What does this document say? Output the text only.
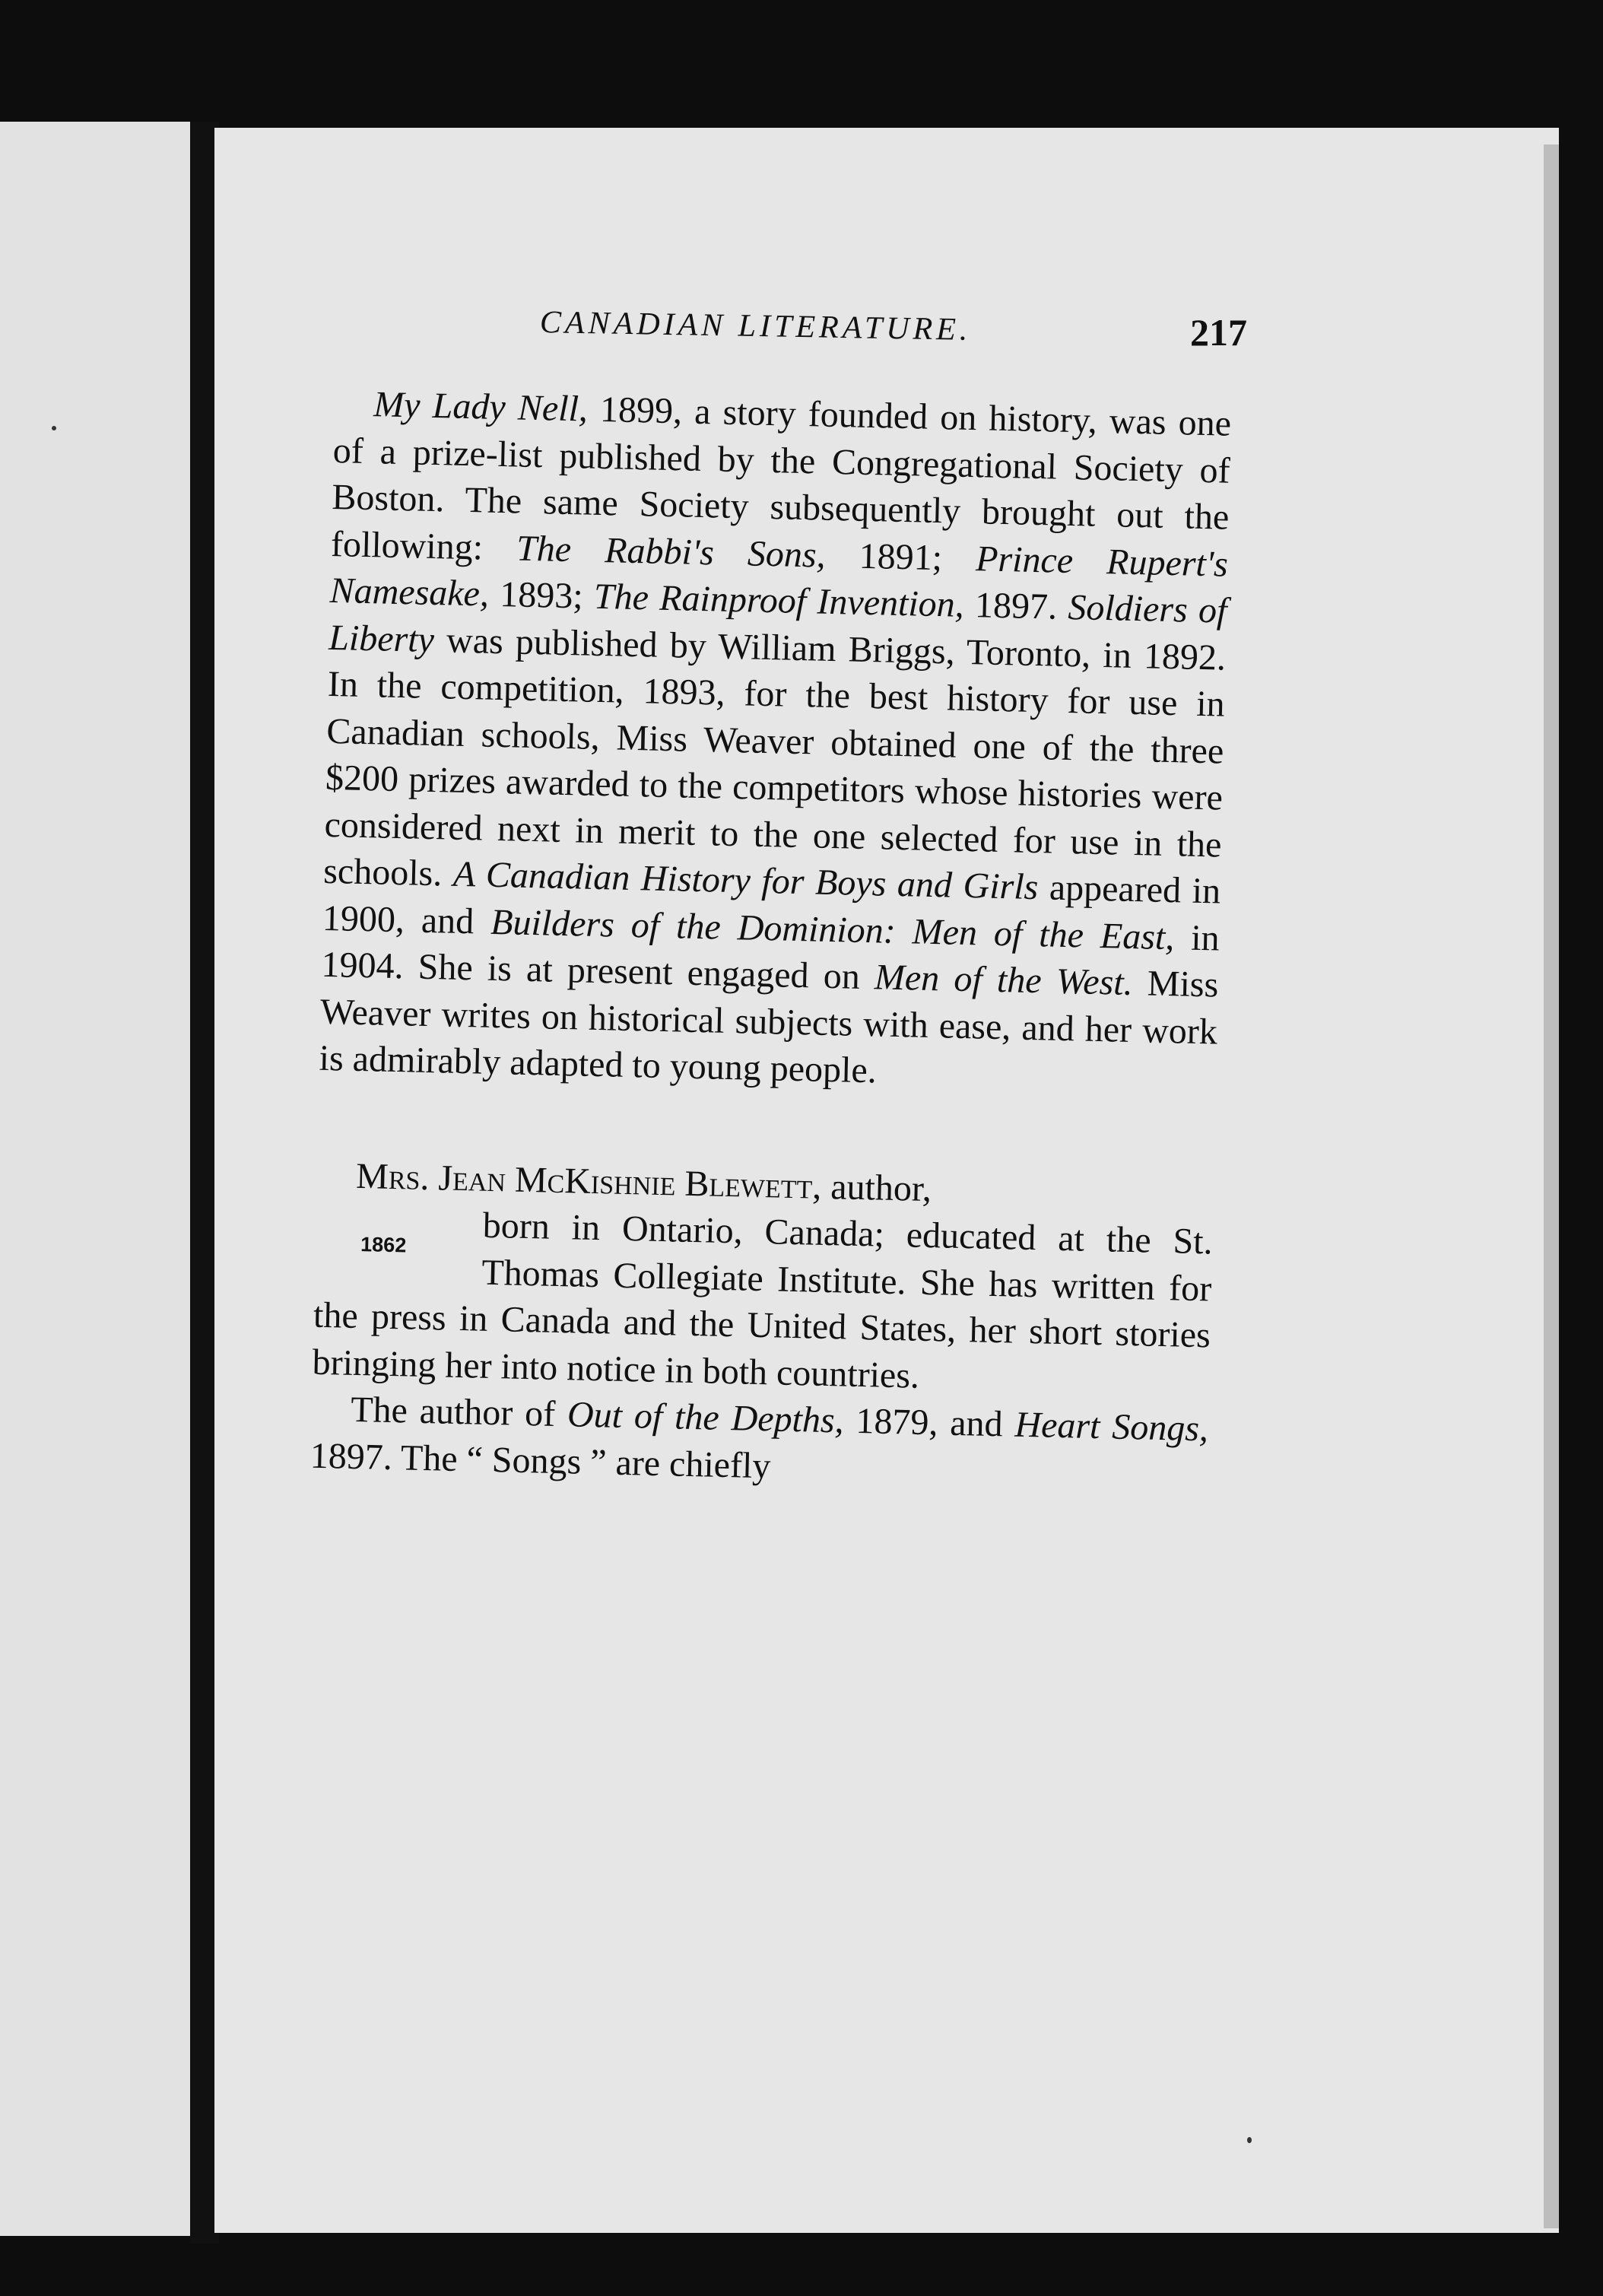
CANADIAN LITERATURE.	217

My Lady Nell, 1899, a story founded on history, was one of a prize-list published by the Congregational Society of Boston. The same Society subsequently brought out the following: The Rabbi's Sons, 1891; Prince Rupert's Namesake, 1893; The Rainproof Invention, 1897. Soldiers of Liberty was published by William Briggs, Toronto, in 1892. In the competition, 1893, for the best history for use in Canadian schools, Miss Weaver obtained one of the three $200 prizes awarded to the competitors whose histories were considered next in merit to the one selected for use in the schools. A Canadian History for Boys and Girls appeared in 1900, and Builders of the Dominion: Men of the East, in 1904. She is at present engaged on Men of the West. Miss Weaver writes on historical subjects with ease, and her work is admirably adapted to young people.

Mrs. Jean McKishnie Blewett, author,

1862	born in Ontario, Canada; educated at the St. Thomas Collegiate Institute. She has written for the press in Canada and the United States, her short stories bringing her into notice in both countries.

The author of Out of the Depths, 1879, and Heart Songs, 1897. The “ Songs ” are chiefly
